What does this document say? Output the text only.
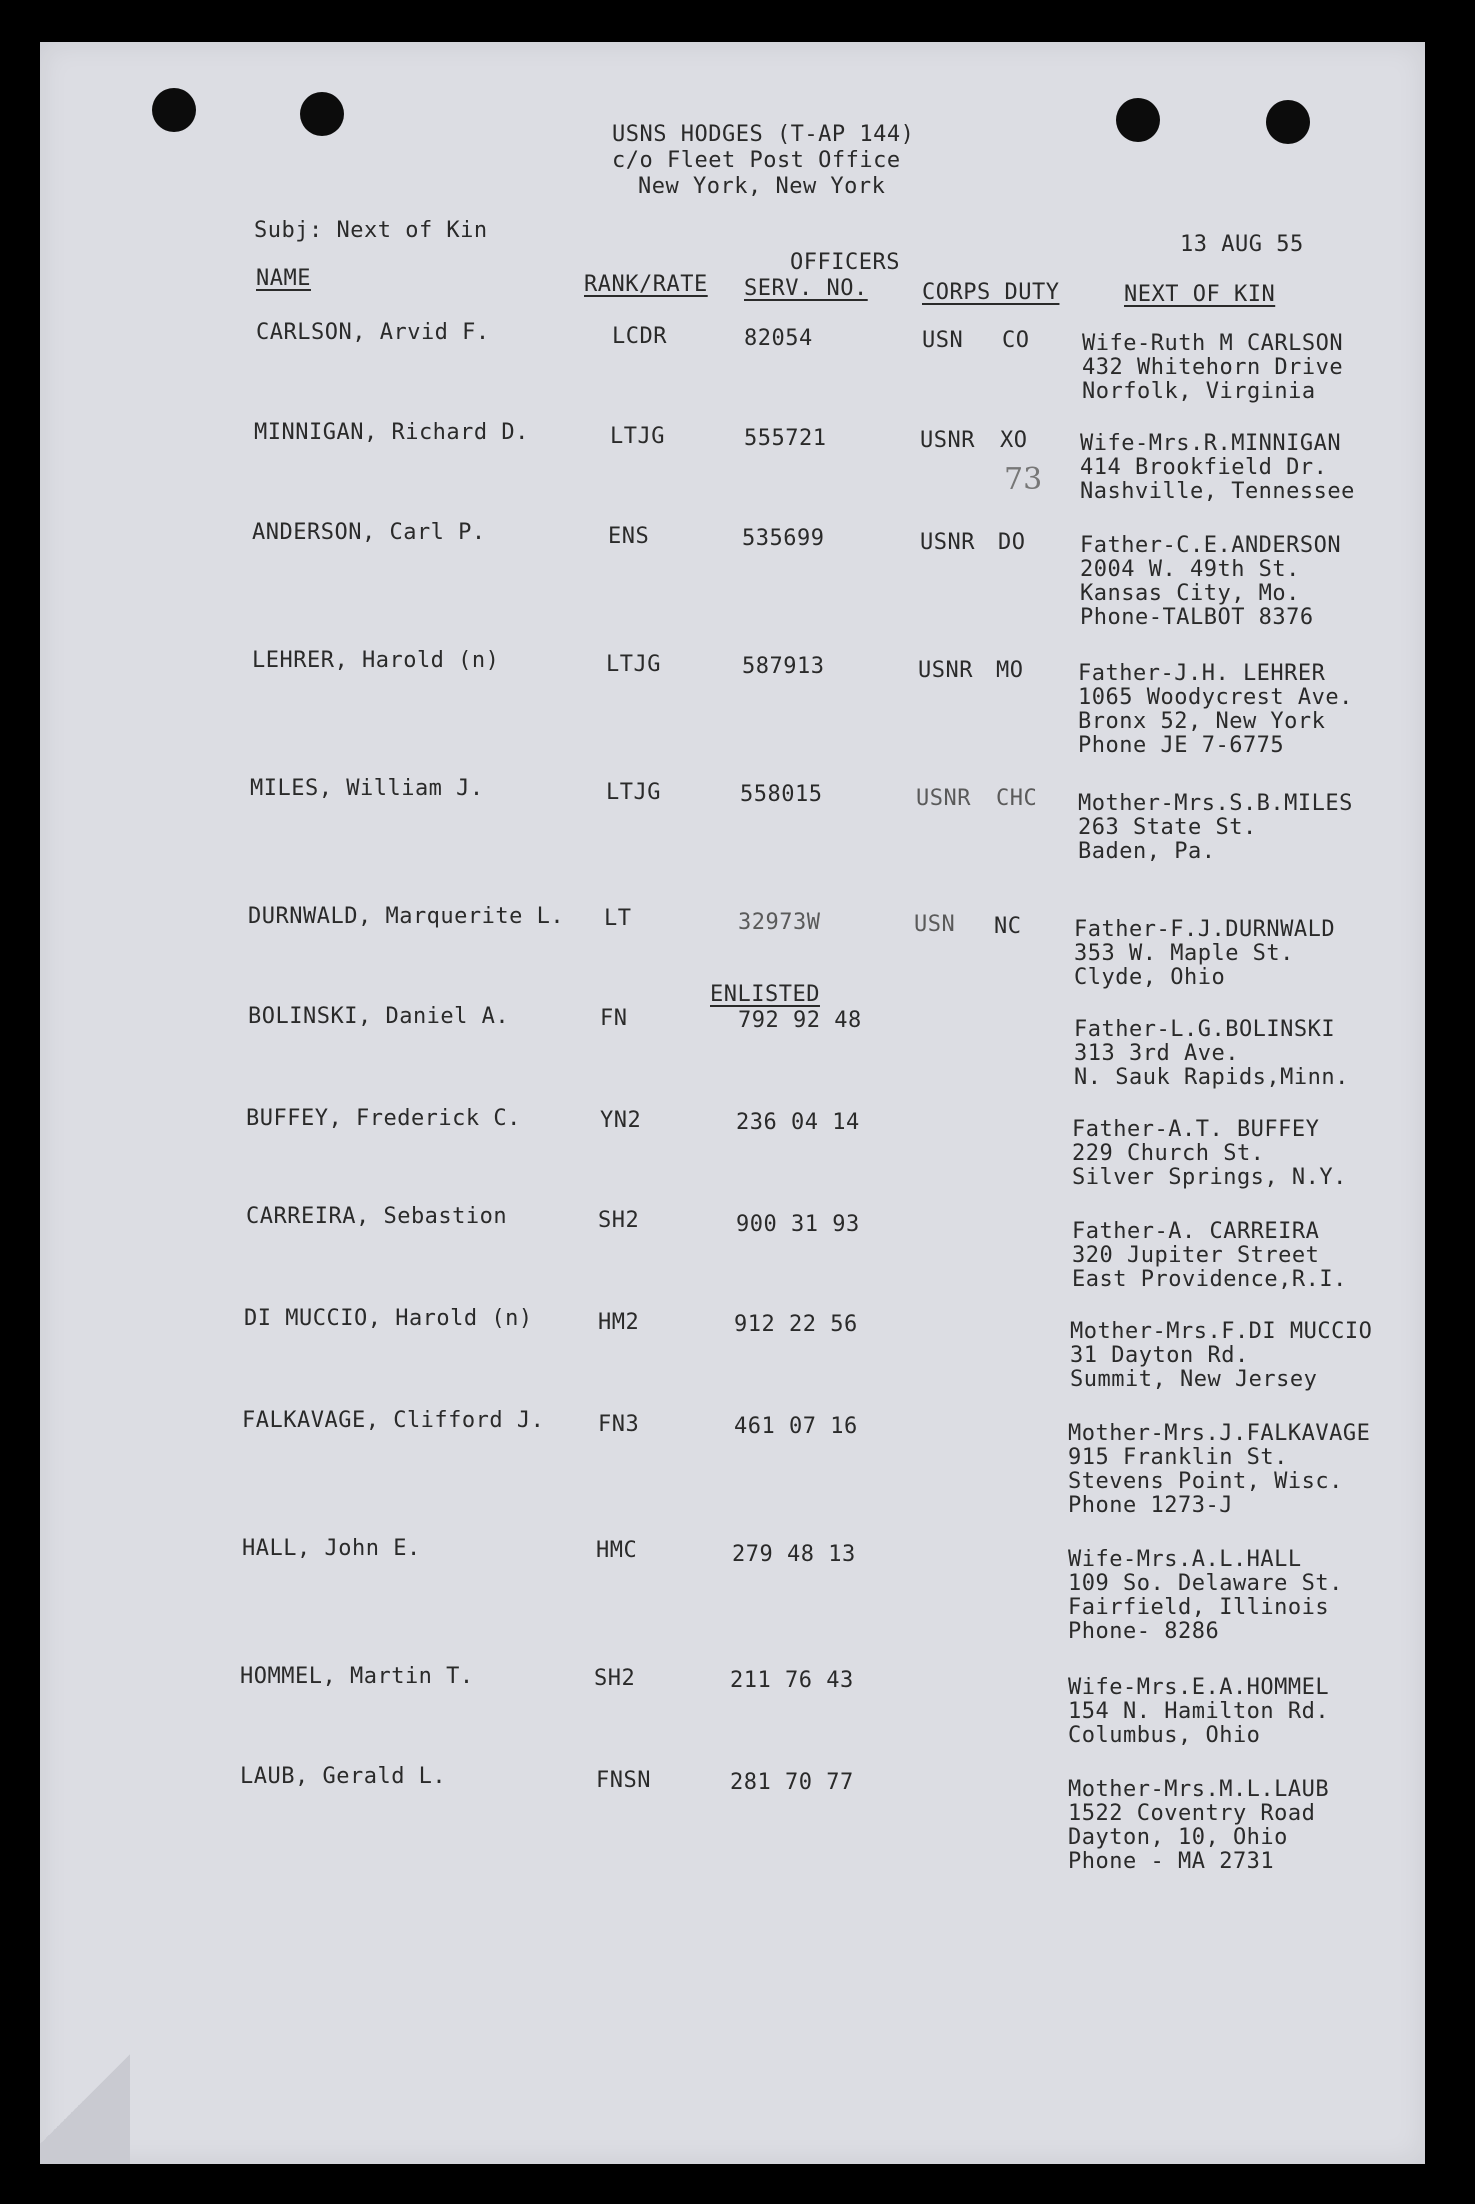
USNS HODGES (T-AP 144)
c/o Fleet Post Office
New York, New York
Subj: Next of Kin
13 AUG 55
NAME	RANK/RATE
OFFICERS
SERV. NO. CORPS DUTY	NEXT OF KIN
ENLISTED
73
CARLSON, Arvid F.	LCDR	82054	USN CO Wife-Ruth M CARLSON
432 Whitehorn Drive
Norfolk, Virginia
MINNIGAN, Richard D.	LTJG	555721	USNR XO Wife-Mrs.R.MINNIGAN
414 Brookfield Dr.
Nashville, Tennessee
ANDERSON, Carl P.	ENS	535699	USNR DO Father-C.E.ANDERSON
2004 W. 49th St.
Kansas City, Mo.
Phone-TALBOT 8376
LEHRER, Harold (n)	LTJG	587913	USNR MO Father-J.H. LEHRER
1065 Woodycrest Ave.
Bronx 52, New York
Phone JE 7-6775
MILES, William J.	LTJG	558015	USNR CHC Mother-Mrs.S.B.MILES
263 State St.
Baden, Pa.
DURNWALD, Marquerite L. LT	32973W	USN NC Father-F.J.DURNWALD
353 W. Maple St.
Clyde, Ohio
BOLINSKI, Daniel A.	FN	792 92 48	Father-L.G.BOLINSKI
313 3rd Ave.
N. Sauk Rapids,Minn.
BUFFEY, Frederick C.	YN2	236 04 14	Father-A.T. BUFFEY
229 Church St.
Silver Springs, N.Y.
CARREIRA, Sebastion	SH2	900 31 93	Father-A. CARREIRA
320 Jupiter Street
East Providence,R.I.
DI MUCCIO, Harold (n)	HM2	912 22 56	Mother-Mrs.F.DI MUCCIO
31 Dayton Rd.
Summit, New Jersey
FALKAVAGE, Clifford J. FN3	461 07 16	Mother-Mrs.J.FALKAVAGE
915 Franklin St.
Stevens Point, Wisc.
Phone 1273-J
HALL, John E.	HMC	279 48 13	Wife-Mrs.A.L.HALL
109 So. Delaware St.
Fairfield, Illinois
Phone- 8286
HOMMEL, Martin T.	SH2	211 76 43	Wife-Mrs.E.A.HOMMEL
154 N. Hamilton Rd.
Columbus, Ohio
LAUB, Gerald L.	FNSN	281 70 77	Mother-Mrs.M.L.LAUB
1522 Coventry Road
Dayton, 10, Ohio
Phone - MA 2731
